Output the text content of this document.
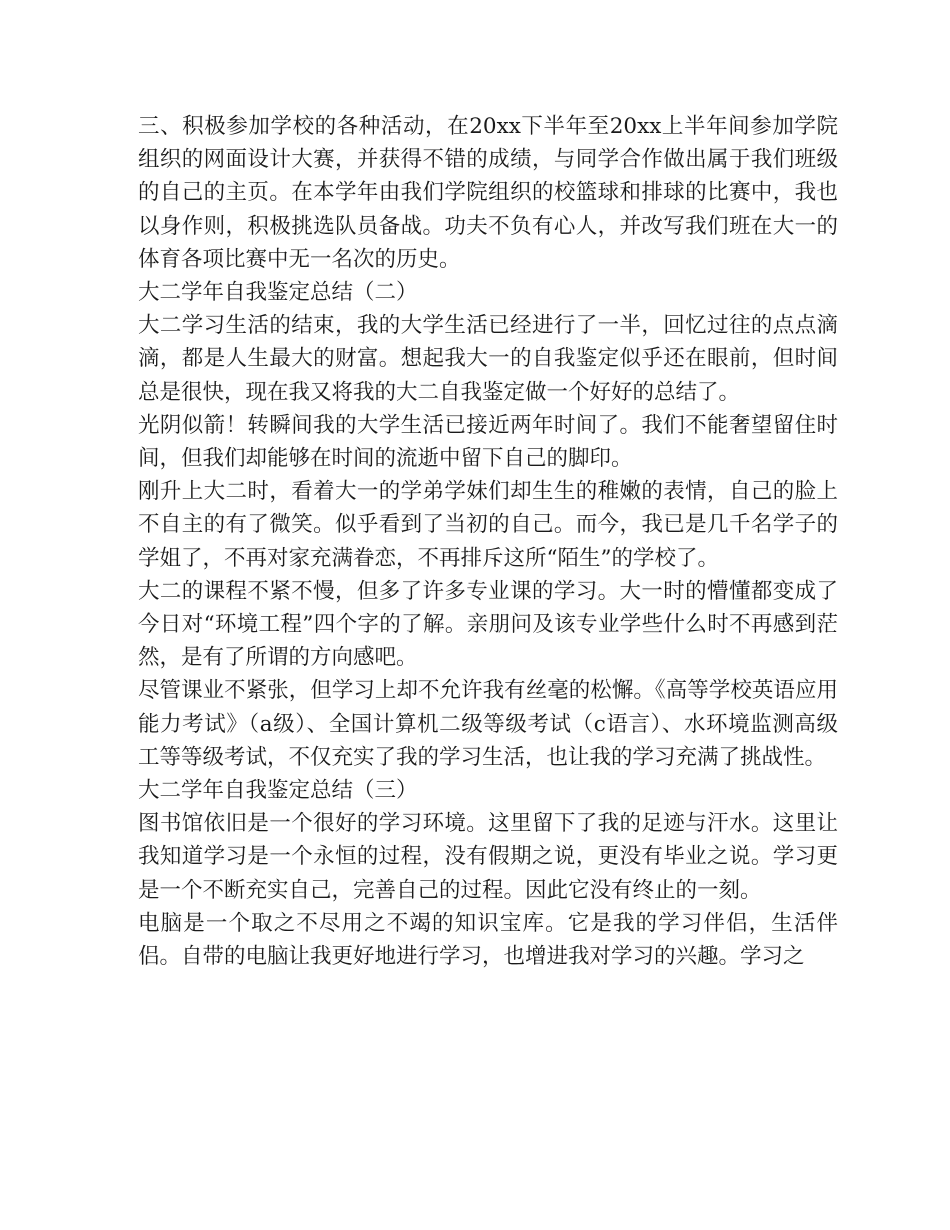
三、积极参加学校的各种活动，在20xx下半年至20xx上半年间参加学院组织的网面设计大赛，并获得不错的成绩，与同学合作做出属于我们班级的自己的主页。在本学年由我们学院组织的校篮球和排球的比赛中，我也以身作则，积极挑选队员备战。功夫不负有心人，并改写我们班在大一的体育各项比赛中无一名次的历史。

大二学年自我鉴定总结（二）

大二学习生活的结束，我的大学生活已经进行了一半，回忆过往的点点滴滴，都是人生最大的财富。想起我大一的自我鉴定似乎还在眼前，但时间总是很快，现在我又将我的大二自我鉴定做一个好好的总结了。

光阴似箭！转瞬间我的大学生活已接近两年时间了。我们不能奢望留住时间，但我们却能够在时间的流逝中留下自己的脚印。

刚升上大二时，看着大一的学弟学妹们却生生的稚嫩的表情，自己的脸上不自主的有了微笑。似乎看到了当初的自己。而今，我已是几千名学子的学姐了，不再对家充满眷恋，不再排斥这所“陌生”的学校了。

大二的课程不紧不慢，但多了许多专业课的学习。大一时的懵懂都变成了今日对“环境工程”四个字的了解。亲朋问及该专业学些什么时不再感到茫然，是有了所谓的方向感吧。

尽管课业不紧张，但学习上却不允许我有丝毫的松懈。《高等学校英语应用能力考试》（a级）、全国计算机二级等级考试（c语言）、水环境监测高级工等等级考试，不仅充实了我的学习生活，也让我的学习充满了挑战性。

大二学年自我鉴定总结（三）

图书馆依旧是一个很好的学习环境。这里留下了我的足迹与汗水。这里让我知道学习是一个永恒的过程，没有假期之说，更没有毕业之说。学习更是一个不断充实自己，完善自己的过程。因此它没有终止的一刻。

电脑是一个取之不尽用之不竭的知识宝库。它是我的学习伴侣，生活伴侣。自带的电脑让我更好地进行学习，也增进我对学习的兴趣。学习之
